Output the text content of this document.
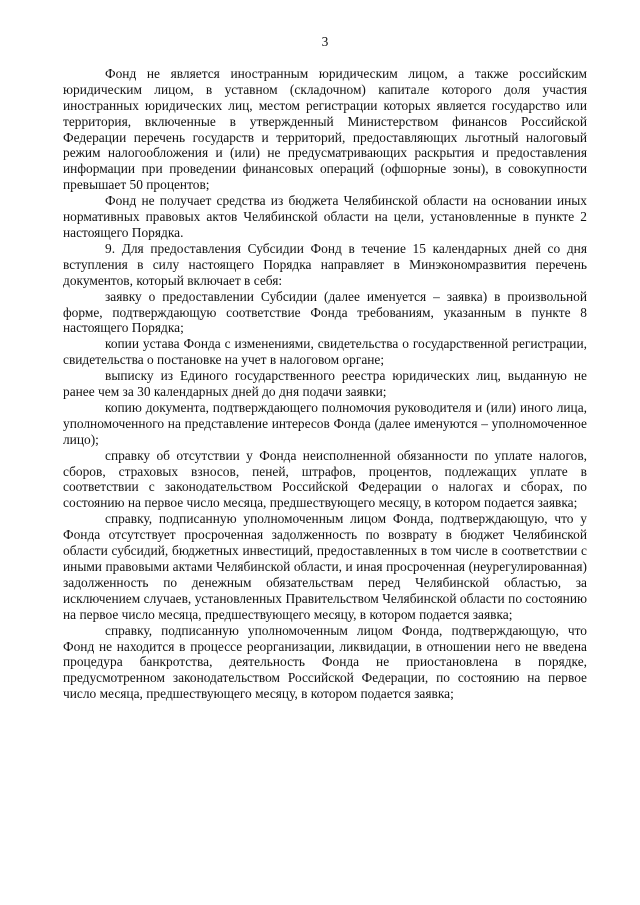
3

Фонд не является иностранным юридическим лицом, а также российским юридическим лицом, в уставном (складочном) капитале которого доля участия иностранных юридических лиц, местом регистрации которых является государство или территория, включенные в утвержденный Министерством финансов Российской Федерации перечень государств и территорий, предоставляющих льготный налоговый режим налогообложения и (или) не предусматривающих раскрытия и предоставления информации при проведении финансовых операций (офшорные зоны), в совокупности превышает 50 процентов;

Фонд не получает средства из бюджета Челябинской области на основании иных нормативных правовых актов Челябинской области на цели, установленные в пункте 2 настоящего Порядка.

9. Для предоставления Субсидии Фонд в течение 15 календарных дней со дня вступления в силу настоящего Порядка направляет в Минэкономразвития перечень документов, который включает в себя:

заявку о предоставлении Субсидии (далее именуется – заявка) в произвольной форме, подтверждающую соответствие Фонда требованиям, указанным в пункте 8 настоящего Порядка;

копии устава Фонда с изменениями, свидетельства о государственной регистрации, свидетельства о постановке на учет в налоговом органе;

выписку из Единого государственного реестра юридических лиц, выданную не ранее чем за 30 календарных дней до дня подачи заявки;

копию документа, подтверждающего полномочия руководителя и (или) иного лица, уполномоченного на представление интересов Фонда (далее именуются – уполномоченное лицо);

справку об отсутствии у Фонда неисполненной обязанности по уплате налогов, сборов, страховых взносов, пеней, штрафов, процентов, подлежащих уплате в соответствии с законодательством Российской Федерации о налогах и сборах, по состоянию на первое число месяца, предшествующего месяцу, в котором подается заявка;

справку, подписанную уполномоченным лицом Фонда, подтверждающую, что у Фонда отсутствует просроченная задолженность по возврату в бюджет Челябинской области субсидий, бюджетных инвестиций, предоставленных в том числе в соответствии с иными правовыми актами Челябинской области, и иная просроченная (неурегулированная) задолженность по денежным обязательствам перед Челябинской областью, за исключением случаев, установленных Правительством Челябинской области по состоянию на первое число месяца, предшествующего месяцу, в котором подается заявка;

справку, подписанную уполномоченным лицом Фонда, подтверждающую, что Фонд не находится в процессе реорганизации, ликвидации, в отношении него не введена процедура банкротства, деятельность Фонда не приостановлена в порядке, предусмотренном законодательством Российской Федерации, по состоянию на первое число месяца, предшествующего месяцу, в котором подается заявка;
